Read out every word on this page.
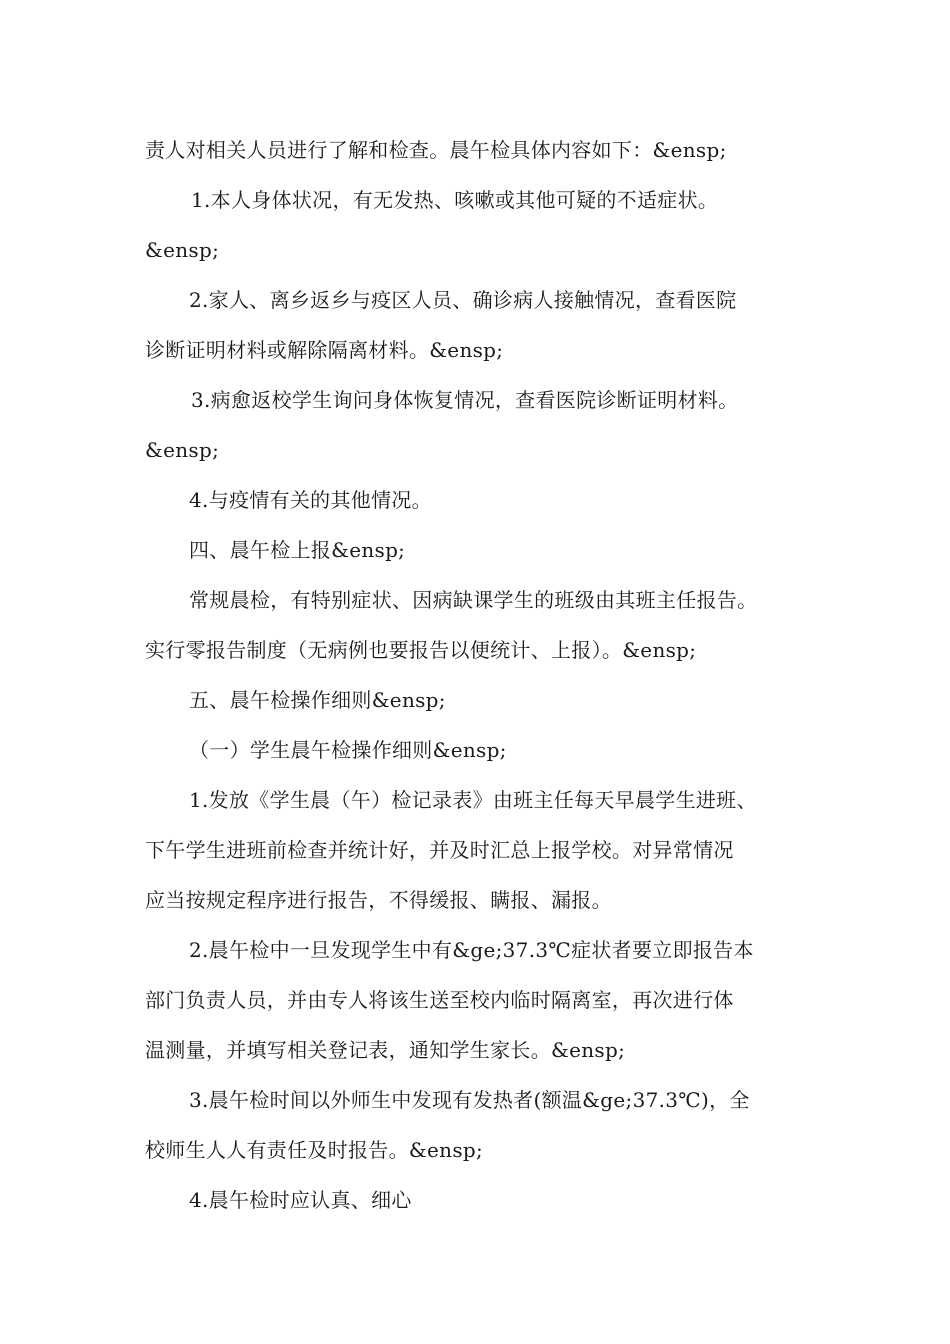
责人对相关人员进行了解和检查。晨午检具体内容如下：&ensp;
1.本人身体状况，有无发热、咳嗽或其他可疑的不适症状。
&ensp;
2.家人、离乡返乡与疫区人员、确诊病人接触情况，查看医院
诊断证明材料或解除隔离材料。&ensp;
3.病愈返校学生询问身体恢复情况，查看医院诊断证明材料。
&ensp;
4.与疫情有关的其他情况。
四、晨午检上报&ensp;
常规晨检，有特别症状、因病缺课学生的班级由其班主任报告。
实行零报告制度（无病例也要报告以便统计、上报）。&ensp;
五、晨午检操作细则&ensp;
（一）学生晨午检操作细则&ensp;
1.发放《学生晨（午）检记录表》由班主任每天早晨学生进班、
下午学生进班前检查并统计好，并及时汇总上报学校。对异常情况
应当按规定程序进行报告，不得缓报、瞒报、漏报。
2.晨午检中一旦发现学生中有&ge;37.3℃症状者要立即报告本
部门负责人员，并由专人将该生送至校内临时隔离室，再次进行体
温测量，并填写相关登记表，通知学生家长。&ensp;
3.晨午检时间以外师生中发现有发热者(额温&ge;37.3℃)，全
校师生人人有责任及时报告。&ensp;
4.晨午检时应认真、细心
